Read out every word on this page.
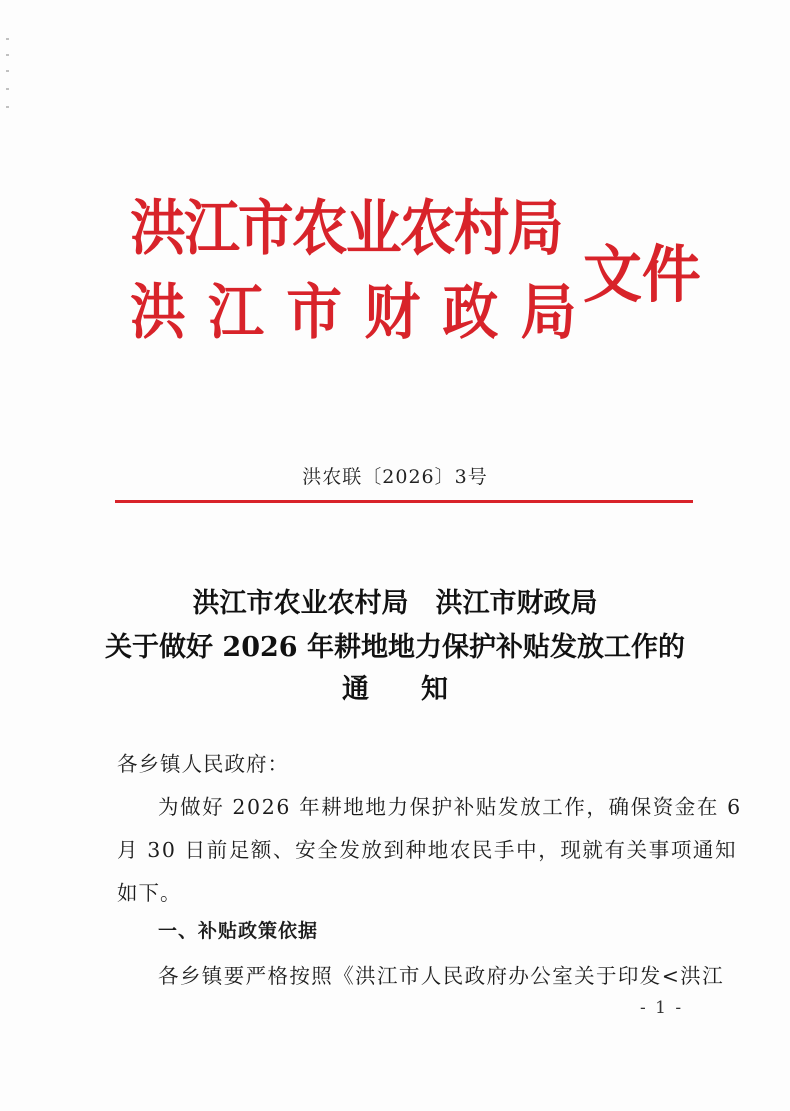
洪江市农业农村局
洪江市财政局
文件
洪农联〔2026〕3号
洪江市农业农村局　洪江市财政局
关于做好 2026 年耕地地力保护补贴发放工作的
通知
各乡镇人民政府：
为做好 2026 年耕地地力保护补贴发放工作，确保资金在 6
月 30 日前足额、安全发放到种地农民手中，现就有关事项通知
如下。
一、补贴政策依据
各乡镇要严格按照《洪江市人民政府办公室关于印发<洪江
- 1 -
